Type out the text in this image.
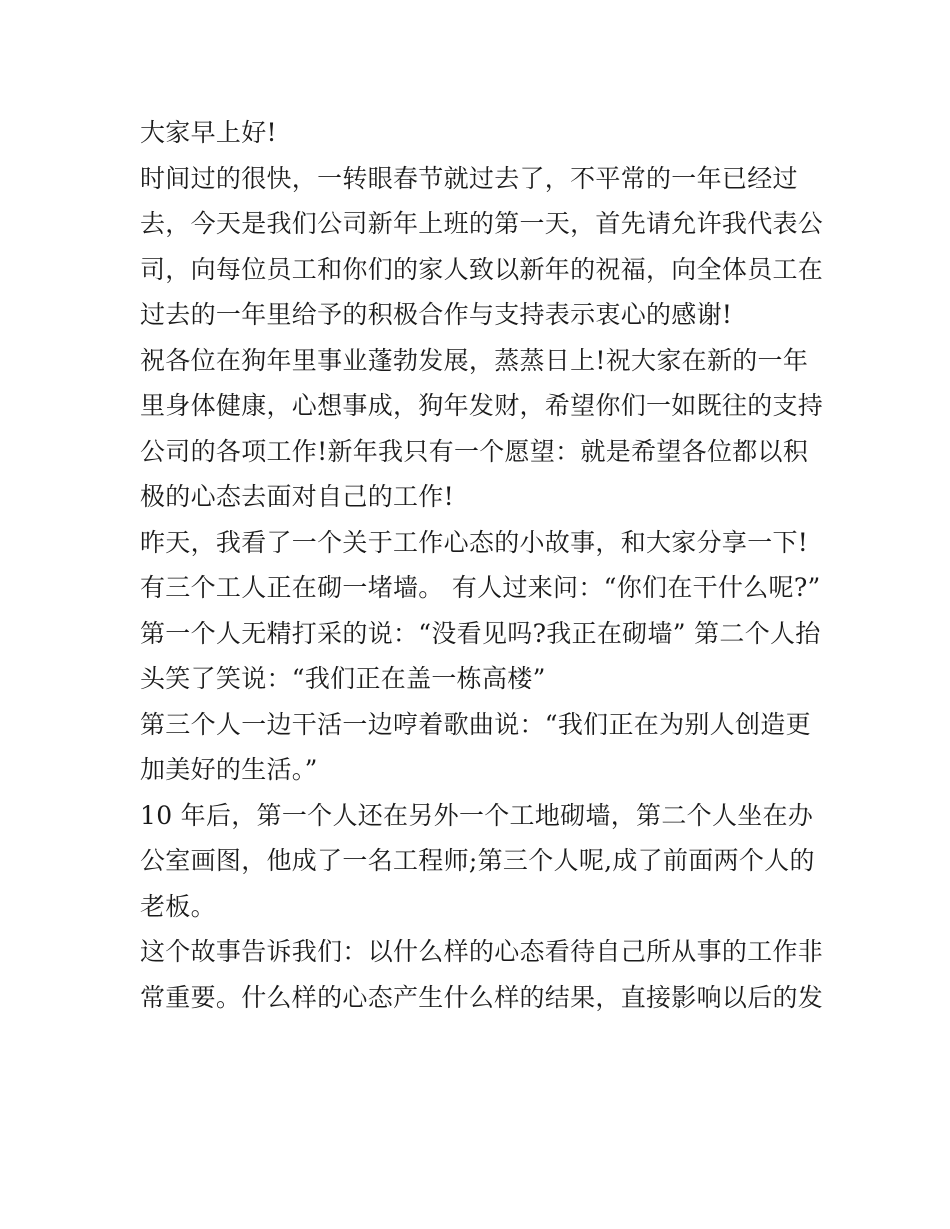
大家早上好!
时间过的很快，一转眼春节就过去了，不平常的一年已经过
去，今天是我们公司新年上班的第一天，首先请允许我代表公
司，向每位员工和你们的家人致以新年的祝福，向全体员工在
过去的一年里给予的积极合作与支持表示衷心的感谢!
祝各位在狗年里事业蓬勃发展，蒸蒸日上!祝大家在新的一年
里身体健康，心想事成，狗年发财，希望你们一如既往的支持
公司的各项工作!新年我只有一个愿望：就是希望各位都以积
极的心态去面对自己的工作!
昨天，我看了一个关于工作心态的小故事，和大家分享一下!
有三个工人正在砌一堵墙。 有人过来问：“你们在干什么呢?”
第一个人无精打采的说：“没看见吗?我正在砌墙” 第二个人抬
头笑了笑说：“我们正在盖一栋高楼”
第三个人一边干活一边哼着歌曲说：“我们正在为别人创造更
加美好的生活。”
10 年后，第一个人还在另外一个工地砌墙，第二个人坐在办
公室画图，他成了一名工程师;第三个人呢,成了前面两个人的
老板。
这个故事告诉我们：以什么样的心态看待自己所从事的工作非
常重要。什么样的心态产生什么样的结果，直接影响以后的发
